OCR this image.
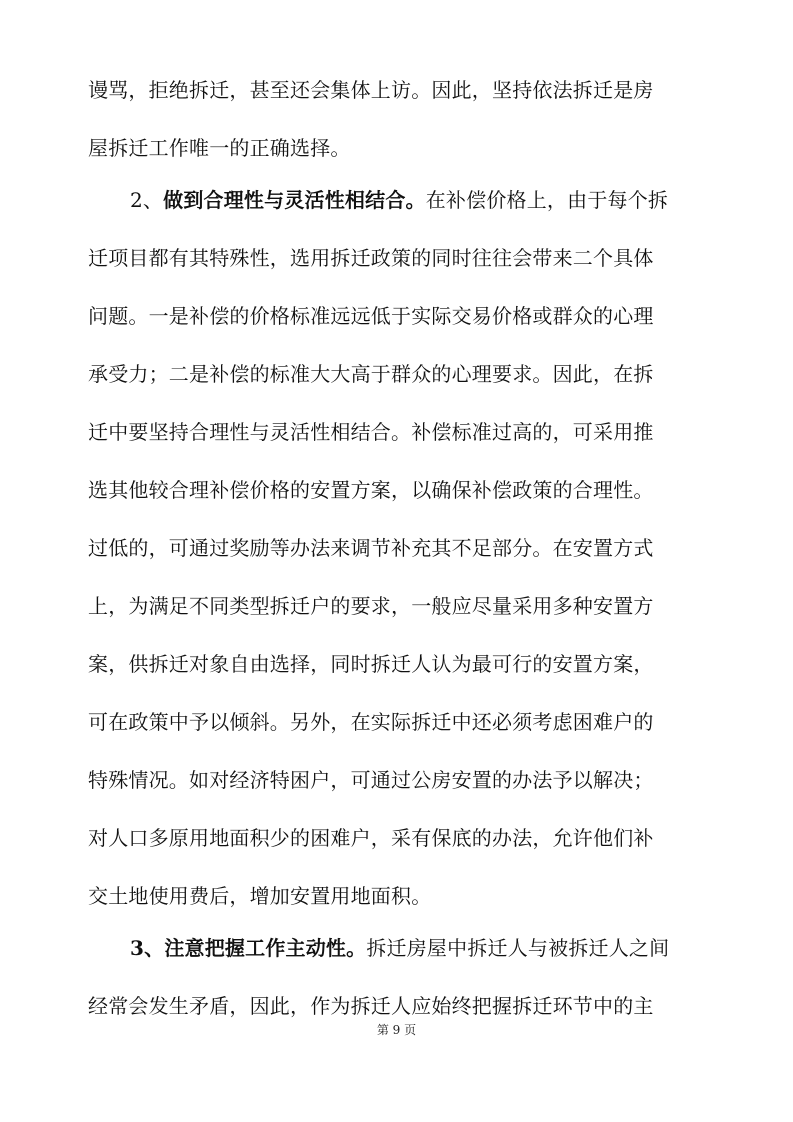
谩骂，拒绝拆迁，甚至还会集体上访。因此，坚持依法拆迁是房
屋拆迁工作唯一的正确选择。
2、做到合理性与灵活性相结合。在补偿价格上，由于每个拆
迁项目都有其特殊性，选用拆迁政策的同时往往会带来二个具体
问题。一是补偿的价格标准远远低于实际交易价格或群众的心理
承受力；二是补偿的标准大大高于群众的心理要求。因此，在拆
迁中要坚持合理性与灵活性相结合。补偿标准过高的，可采用推
选其他较合理补偿价格的安置方案，以确保补偿政策的合理性。
过低的，可通过奖励等办法来调节补充其不足部分。在安置方式
上，为满足不同类型拆迁户的要求，一般应尽量采用多种安置方
案，供拆迁对象自由选择，同时拆迁人认为最可行的安置方案，
可在政策中予以倾斜。另外，在实际拆迁中还必须考虑困难户的
特殊情况。如对经济特困户，可通过公房安置的办法予以解决；
对人口多原用地面积少的困难户，采有保底的办法，允许他们补
交土地使用费后，增加安置用地面积。
3、注意把握工作主动性。拆迁房屋中拆迁人与被拆迁人之间
经常会发生矛盾，因此，作为拆迁人应始终把握拆迁环节中的主
第 9 页
